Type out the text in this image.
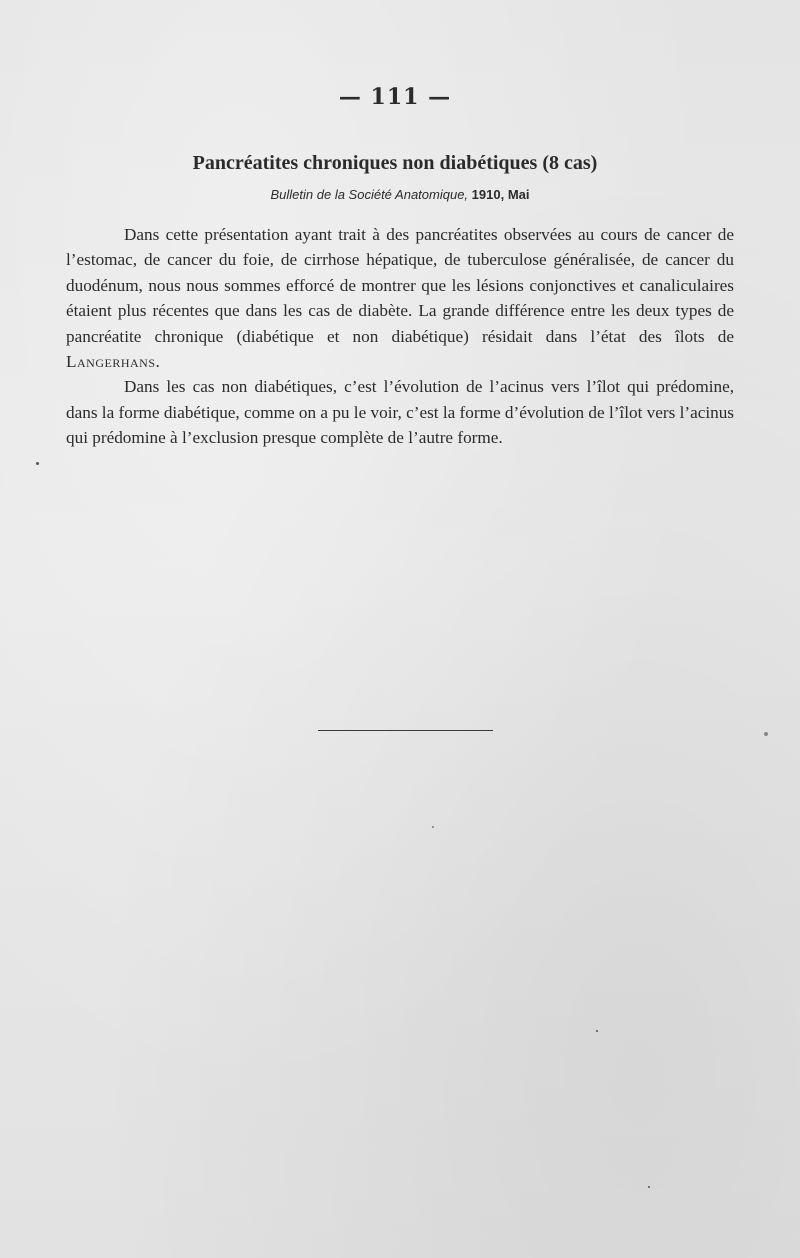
— 111 —
Pancréatites chroniques non diabétiques (8 cas)
Bulletin de la Société Anatomique, 1910, Mai

Dans cette présentation ayant trait à des pancréatites observées au cours de cancer de l’estomac, de cancer du foie, de cirrhose hépatique, de tuberculose généralisée, de cancer du duodénum, nous nous sommes efforcé de montrer que les lésions conjonctives et canaliculaires étaient plus récentes que dans les cas de diabète. La grande différence entre les deux types de pancréatite chronique (diabétique et non diabétique) résidait dans l’état des îlots de Langerhans.

Dans les cas non diabétiques, c’est l’évolution de l’acinus vers l’îlot qui prédomine, dans la forme diabétique, comme on a pu le voir, c’est la forme d’évolution de l’îlot vers l’acinus qui prédomine à l’exclusion presque complète de l’autre forme.
